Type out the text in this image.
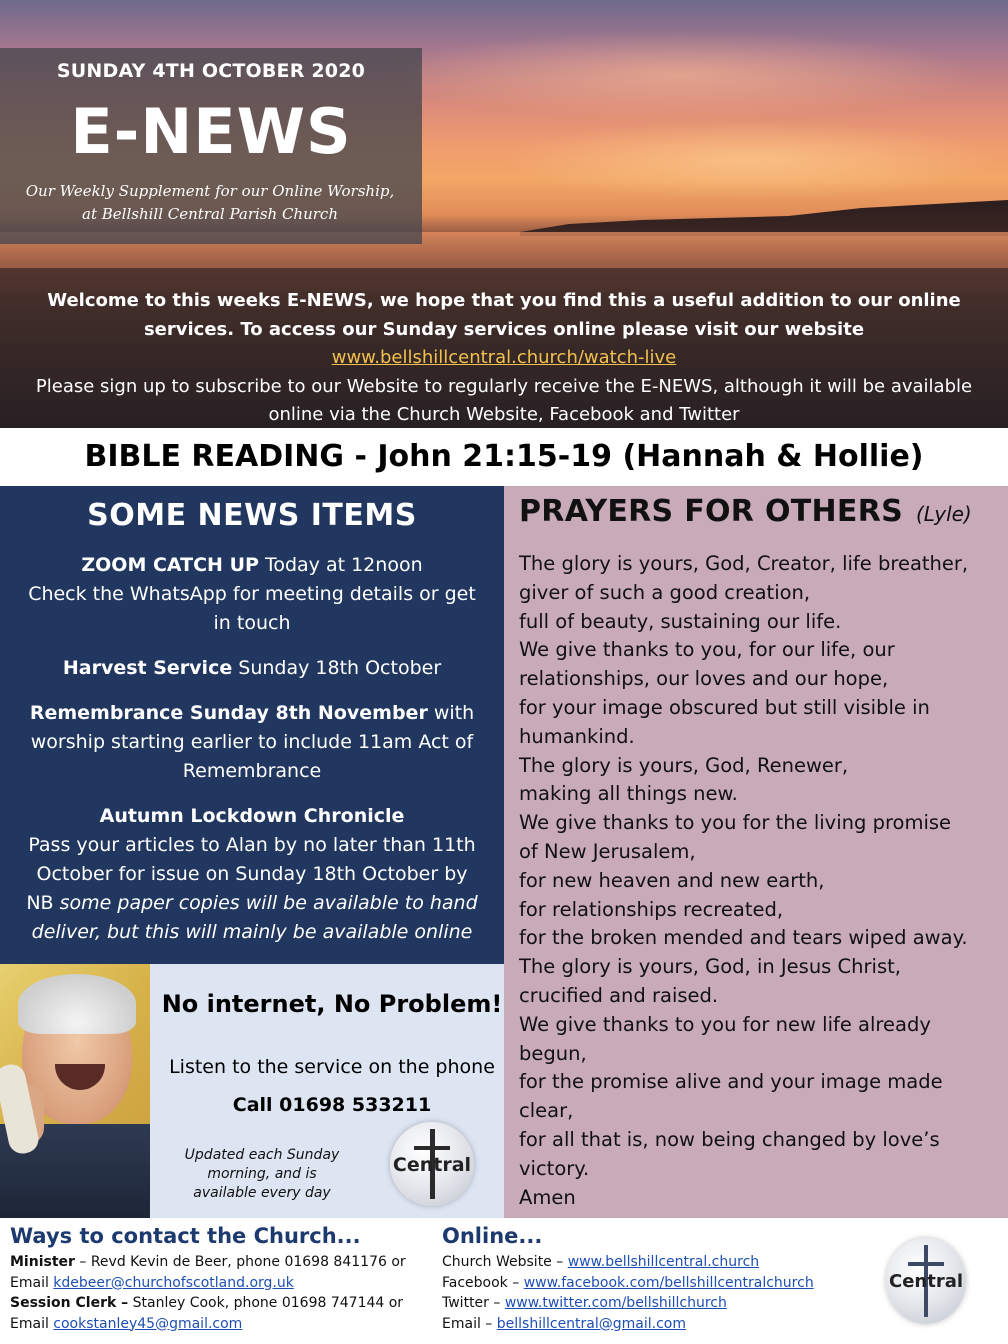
SUNDAY 4TH OCTOBER 2020
E-NEWS
Our Weekly Supplement for our Online Worship,
at Bellshill Central Parish Church
Welcome to this weeks E-NEWS, we hope that you find this a useful addition to our online
services. To access our Sunday services online please visit our website
www.bellshillcentral.church/watch-live
Please sign up to subscribe to our Website to regularly receive the E-NEWS, although it will be available
online via the Church Website, Facebook and Twitter
BIBLE READING - John 21:15-19 (Hannah & Hollie)
SOME NEWS ITEMS
ZOOM CATCH UP Today at 12noon
Check the WhatsApp for meeting details or get
in touch
Harvest Service Sunday 18th October
Remembrance Sunday 8th November with
worship starting earlier to include 11am Act of
Remembrance
Autumn Lockdown Chronicle
Pass your articles to Alan by no later than 11th
October for issue on Sunday 18th October by
NB some paper copies will be available to hand
deliver, but this will mainly be available online
PRAYERS FOR OTHERS (Lyle)
The glory is yours, God, Creator, life breather,
giver of such a good creation,
full of beauty, sustaining our life.
We give thanks to you, for our life, our
relationships, our loves and our hope,
for your image obscured but still visible in
humankind.
The glory is yours, God, Renewer,
making all things new.
We give thanks to you for the living promise
of New Jerusalem,
for new heaven and new earth,
for relationships recreated,
for the broken mended and tears wiped away.
The glory is yours, God, in Jesus Christ,
crucified and raised.
We give thanks to you for new life already
begun,
for the promise alive and your image made
clear,
for all that is, now being changed by love’s
victory.
Amen
No internet, No Problem!
Listen to the service on the phone
Call 01698 533211
Updated each Sunday
morning, and is
available every day
Central
Ways to contact the Church...
Minister – Revd Kevin de Beer, phone 01698 841176 or
Email kdebeer@churchofscotland.org.uk
Session Clerk – Stanley Cook, phone 01698 747144 or
Email cookstanley45@gmail.com
Online...
Church Website – www.bellshillcentral.church
Facebook – www.facebook.com/bellshillcentralchurch
Twitter – www.twitter.com/bellshillchurch
Email – bellshillcentral@gmail.com
Central
